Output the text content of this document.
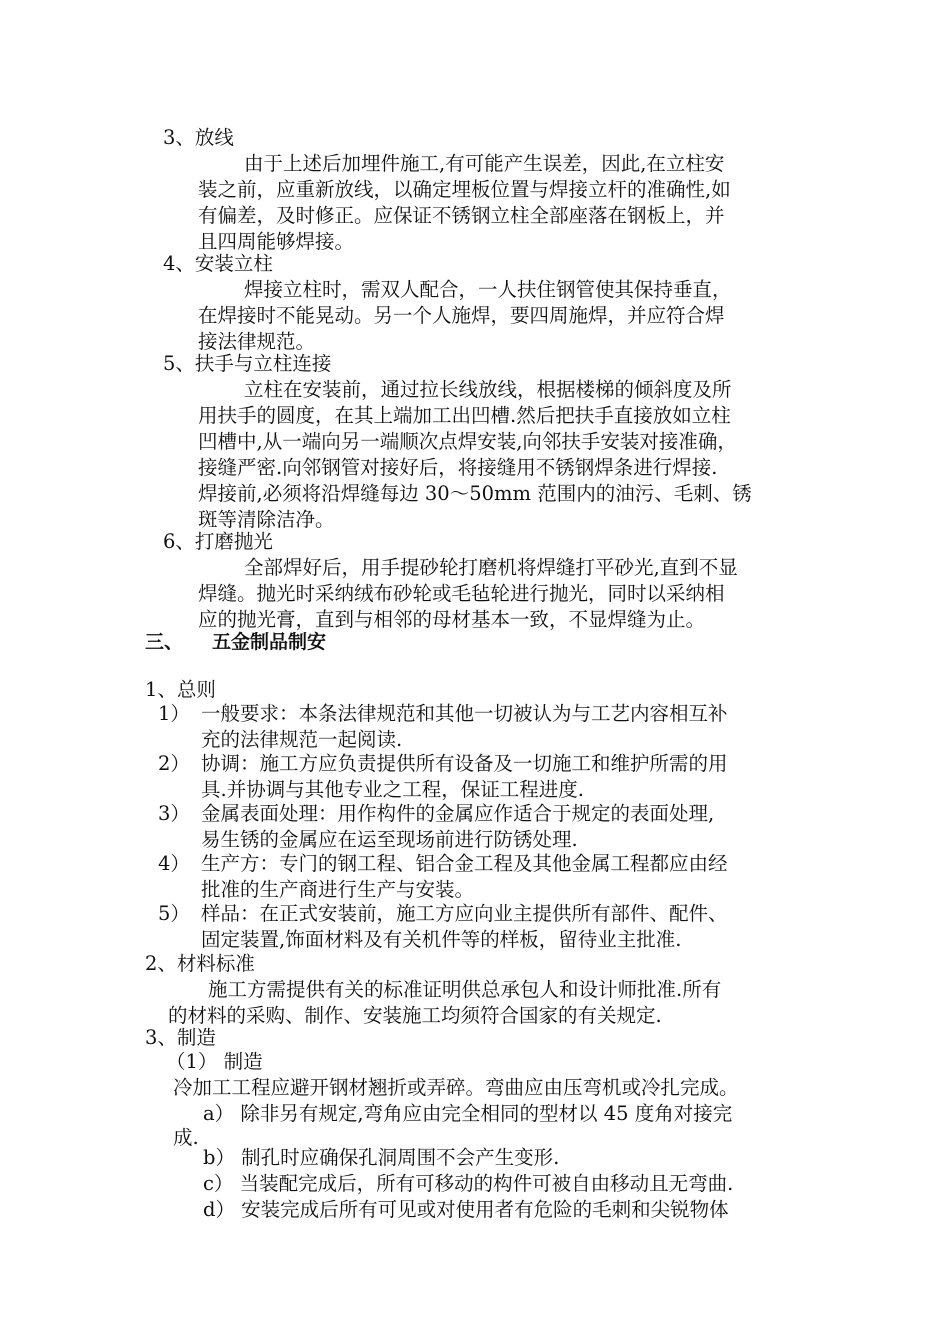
3、放线
由于上述后加埋件施工,有可能产生误差，因此,在立柱安
装之前，应重新放线，以确定埋板位置与焊接立杆的准确性,如
有偏差，及时修正。应保证不锈钢立柱全部座落在钢板上，并
且四周能够焊接。
4、安装立柱
焊接立柱时，需双人配合，一人扶住钢管使其保持垂直，
在焊接时不能晃动。另一个人施焊，要四周施焊，并应符合焊
接法律规范。
5、扶手与立柱连接
立柱在安装前，通过拉长线放线，根据楼梯的倾斜度及所
用扶手的圆度，在其上端加工出凹槽.然后把扶手直接放如立柱
凹槽中,从一端向另一端顺次点焊安装,向邻扶手安装对接准确，
接缝严密.向邻钢管对接好后，将接缝用不锈钢焊条进行焊接.
焊接前,必须将沿焊缝每边 30～50mm 范围内的油污、毛刺、锈
斑等清除洁净。
6、打磨抛光
全部焊好后，用手提砂轮打磨机将焊缝打平砂光,直到不显
焊缝。抛光时采纳绒布砂轮或毛毡轮进行抛光，同时以采纳相
应的抛光膏，直到与相邻的母材基本一致，不显焊缝为止。
三、 五金制品制安
1、总则
1） 一般要求：本条法律规范和其他一切被认为与工艺内容相互补
充的法律规范一起阅读.
2） 协调：施工方应负责提供所有设备及一切施工和维护所需的用
具.并协调与其他专业之工程，保证工程进度.
3） 金属表面处理：用作构件的金属应作适合于规定的表面处理,
易生锈的金属应在运至现场前进行防锈处理.
4） 生产方：专门的钢工程、铝合金工程及其他金属工程都应由经
批准的生产商进行生产与安装。
5） 样品：在正式安装前，施工方应向业主提供所有部件、配件、
固定装置,饰面材料及有关机件等的样板，留待业主批准.
2、材料标准
施工方需提供有关的标准证明供总承包人和设计师批准.所有
的材料的采购、制作、安装施工均须符合国家的有关规定.
3、制造
（1） 制造
冷加工工程应避开钢材翘折或弄碎。弯曲应由压弯机或冷扎完成。
a） 除非另有规定,弯角应由完全相同的型材以 45 度角对接完
成.
b） 制孔时应确保孔洞周围不会产生变形.
c） 当装配完成后，所有可移动的构件可被自由移动且无弯曲.
d） 安装完成后所有可见或对使用者有危险的毛刺和尖锐物体
